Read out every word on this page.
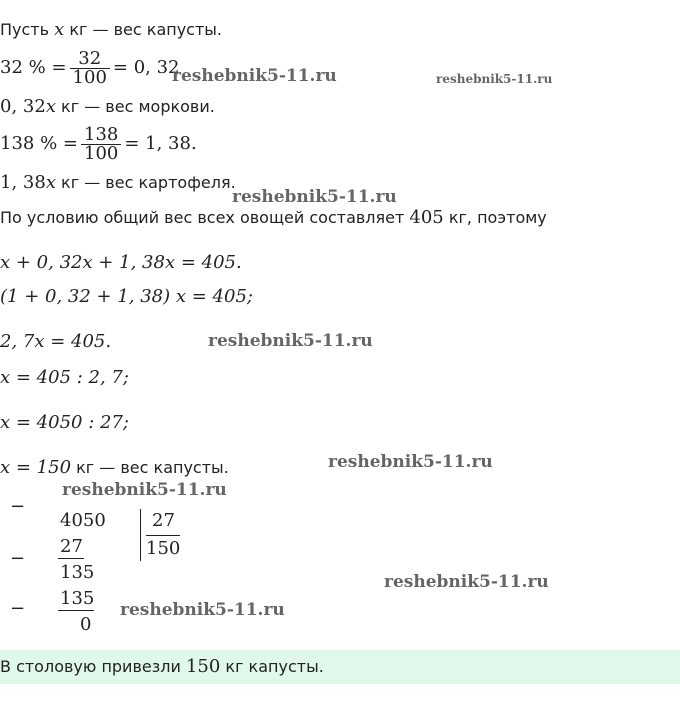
Пусть x кг — вес капусты.
32 % = $\frac{32}{100} = 0$, 32
0, 32x кг — вес моркови.
138 % = $\frac{138}{100} = 1$, 38.
1, 38x кг — вес картофеля.
По условию общий вес всех овощей составляет 405 кг, поэтому
x + 0, 32x + 1, 38x = 405.
(1 + 0, 32 + 1, 38) x = 405;
2, 7x = 405.
x = 405 : 2, 7;
x = 4050 : 27;
x = 150 кг — вес капусты.
−
4050	27
150
−
27
135
− 135
0
В столовую привезли 150 кг капусты.
reshebnik5-11.ru	reshebnik5-11.ru
reshebnik5-11.ru
reshebnik5-11.ru
reshebnik5-11.ru
reshebnik5-11.ru
reshebnik5-11.ru
reshebnik5-11.ru
